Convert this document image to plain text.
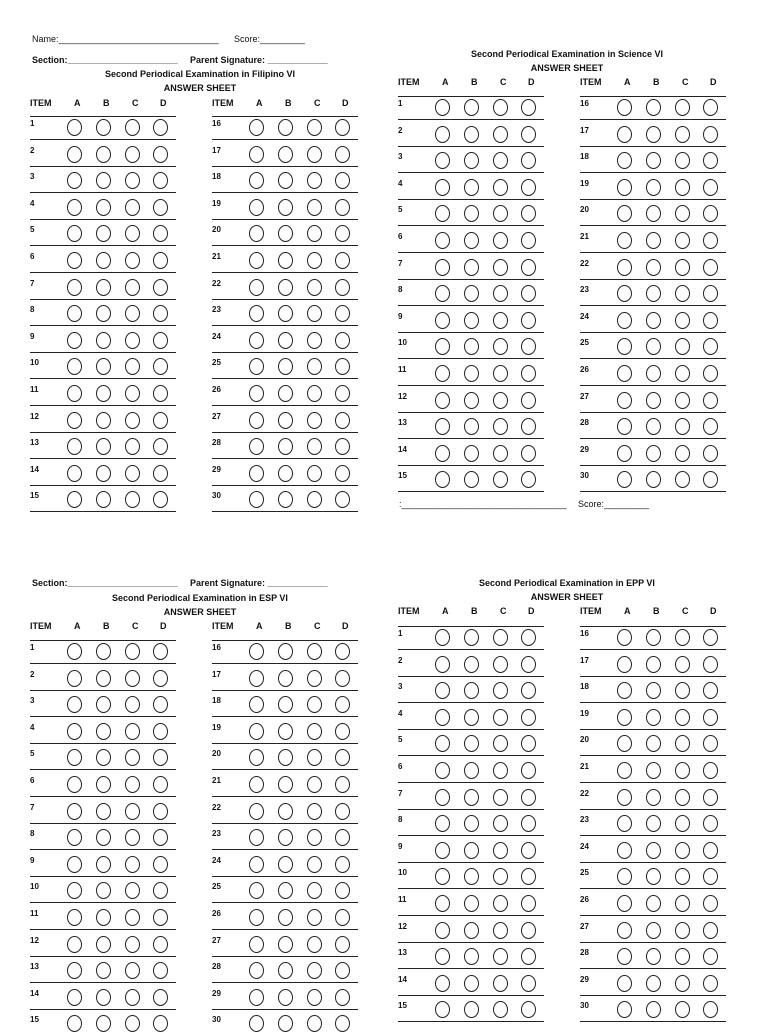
Name:________________________________ Score:_________
Section:______________________ Parent Signature: ____________
Second Periodical Examination in Filipino VI
ANSWER SHEET
Second Periodical Examination in Science VI
ANSWER SHEET
:_________________________________ Score:_________
Section:______________________ Parent Signature: ____________
Second Periodical Examination in ESP VI
ANSWER SHEET
Second Periodical Examination in EPP VI
ANSWER SHEET
ITEM	A	B	C D
1
2
3
4
5
6
7
8
9
10
11
12
13
14
15
ITEM	A	B	C D
16
17
18
19
20
21
22
23
24
25
26
27
28
29
30
ITEM	A	B	C D
1
2
3
4
5
6
7
8
9
10
11
12
13
14
15
ITEM	A	B	C D
16
17
18
19
20
21
22
23
24
25
26
27
28
29
30
ITEM	A	B	C D
1
2
3
4
5
6
7
8
9
10
11
12
13
14
15
ITEM	A	B	C D
16
17
18
19
20
21
22
23
24
25
26
27
28
29
30
ITEM	A	B	C D
1
2
3
4
5
6
7
8
9
10
11
12
13
14
15
ITEM	A	B	C D
16
17
18
19
20
21
22
23
24
25
26
27
28
29
30
